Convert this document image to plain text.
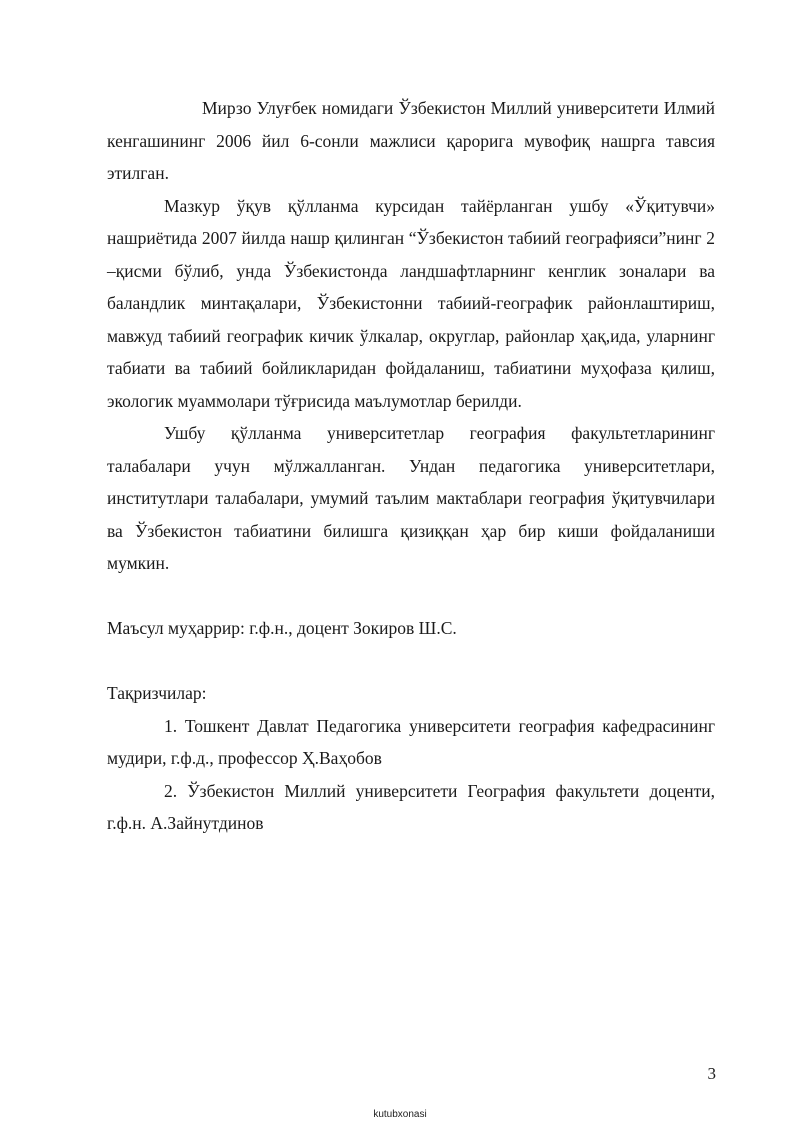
Мирзо Улуғбек номидаги Ўзбекистон Миллий университети Илмий кенгашининг 2006 йил 6-сонли мажлиси қарорига мувофиқ нашрга тавсия этилган.

Мазкур ўқув қўлланма курсидан тайёрланган ушбу «Ўқитувчи» нашриётида 2007 йилда нашр қилинган “Ўзбекистон табиий географияси”нинг 2 –қисми бўлиб, унда Ўзбекистонда ландшафтларнинг кенглик зоналари ва баландлик минтақалари, Ўзбекистонни табиий-географик районлаштириш, мавжуд табиий географик кичик ўлкалар, округлар, районлар ҳақ,ида, уларнинг табиати ва табиий бойликларидан фойдаланиш, табиатини муҳофаза қилиш, экологик муаммолари тўғрисида маълумотлар берилди.

Ушбу қўлланма университетлар география факультетларининг талабалари учун мўлжалланган. Ундан педагогика университетлари, институтлари талабалари, умумий таълим мактаблари география ўқитувчилари ва Ўзбекистон табиатини билишга қизиққан ҳар бир киши фойдаланиши мумкин.

Маъсул муҳаррир: г.ф.н., доцент Зокиров Ш.С.

Тақризчилар:

1. Тошкент Давлат Педагогика университети география кафедрасининг мудири, г.ф.д., профессор Ҳ.Ваҳобов

2. Ўзбекистон Миллий университети География факультети доценти, г.ф.н. А.Зайнутдинов

3
kutubxonasi
